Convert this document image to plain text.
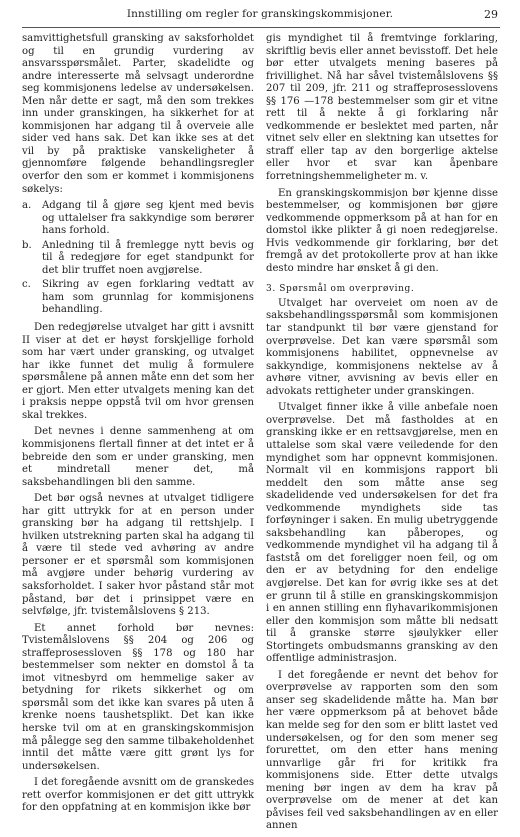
Innstilling om regler for granskingskommisjoner.	29

samvittighetsfull gransking av saksforholdet og til en grundig vurdering av ansvarsspørsmålet. Parter, skadelidte og andre interesserte må selvsagt underordne seg kommisjonens ledelse av undersøkelsen. Men når dette er sagt, må den som trekkes inn under granskingen, ha sikkerhet for at kommisjonen har adgang til å overveie alle sider ved hans sak. Det kan ikke ses at det vil by på praktiske vanskeligheter å gjennomføre følgende behandlingsregler overfor den som er kommet i kommisjonens søkelys:

a. Adgang til å gjøre seg kjent med bevis og uttalelser fra sakkyndige som berører hans forhold.
b. Anledning til å fremlegge nytt bevis og til å redegjøre for eget standpunkt for det blir truffet noen avgjørelse.
c. Sikring av egen forklaring vedtatt av ham som grunnlag for kommisjonens behandling.

Den redegjørelse utvalget har gitt i avsnitt II viser at det er høyst forskjellige forhold som har vært under gransking, og utvalget har ikke funnet det mulig å formulere spørsmålene på annen måte enn det som her er gjort. Men etter utvalgets mening kan det i praksis neppe oppstå tvil om hvor grensen skal trekkes.

Det nevnes i denne sammenheng at om kommisjonens flertall finner at det intet er å bebreide den som er under gransking, men et mindretall mener det, må saksbehandlingen bli den samme.

Det bør også nevnes at utvalget tidligere har gitt uttrykk for at en person under gransking bør ha adgang til rettshjelp. I hvilken utstrekning parten skal ha adgang til å være til stede ved avhøring av andre personer er et spørsmål som kommisjonen må avgjøre under behørig vurdering av saksforholdet. I saker hvor påstand står mot påstand, bør det i prinsippet være en selvfølge, jfr. tvistemålslovens § 213.

Et annet forhold bør nevnes: Tvistemålslovens §§ 204 og 206 og straffeprosessloven §§ 178 og 180 har bestemmelser som nekter en domstol å ta imot vitnesbyrd om hemmelige saker av betydning for rikets sikkerhet og om spørsmål som det ikke kan svares på uten å krenke noens taushetsplikt. Det kan ikke herske tvil om at en granskingskommisjon må pålegge seg den samme tilbakeholdenhet inntil det måtte være gitt grønt lys for undersøkelsen.

I det foregående avsnitt om de granskedes rett overfor kommisjonen er det gitt uttrykk for den oppfatning at en kommisjon ikke bør

gis myndighet til å fremtvinge forklaring, skriftlig bevis eller annet bevisstoff. Det hele bør etter utvalgets mening baseres på frivillighet. Nå har såvel tvistemålslovens §§ 207 til 209, jfr. 211 og straffeprosesslovens §§ 176 —178 bestemmelser som gir et vitne rett til å nekte å gi forklaring når vedkommende er beslektet med parten, når vitnet selv eller en slektning kan utsettes for straff eller tap av den borgerlige aktelse eller hvor et svar kan åpenbare forretningshemmeligheter m. v.

En granskingskommisjon bør kjenne disse bestemmelser, og kommisjonen bør gjøre vedkommende oppmerksom på at han for en domstol ikke plikter å gi noen redegjørelse. Hvis vedkommende gir forklaring, bør det fremgå av det protokollerte prov at han ikke desto mindre har ønsket å gi den.

3. Spørsmål om overprøving.

Utvalget har overveiet om noen av de saksbehandlingsspørsmål som kommisjonen tar standpunkt til bør være gjenstand for overprøvelse. Det kan være spørsmål som kommisjonens habilitet, oppnevnelse av sakkyndige, kommisjonens nektelse av å avhøre vitner, avvisning av bevis eller en advokats rettigheter under granskingen.

Utvalget finner ikke å ville anbefale noen overprøvelse. Det må fastholdes at en gransking ikke er en rettsavgjørelse, men en uttalelse som skal være veiledende for den myndighet som har oppnevnt kommisjonen. Normalt vil en kommisjons rapport bli meddelt den som måtte anse seg skadelidende ved undersøkelsen for det fra vedkommende myndighets side tas forføyninger i saken. En mulig ubetryggende saksbehandling kan påberopes, og vedkommende myndighet vil ha adgang til å faststå om det foreligger noen feil, og om den er av betydning for den endelige avgjørelse. Det kan for øvrig ikke ses at det er grunn til å stille en granskingskommisjon i en annen stilling enn flyhavarikommisjonen eller den kommisjon som måtte bli nedsatt til å granske større sjøulykker eller Stortingets ombudsmanns gransking av den offentlige administrasjon.

I det foregående er nevnt det behov for overprøvelse av rapporten som den som anser seg skadelidende måtte ha. Man bør her være oppmerksom på at behovet både kan melde seg for den som er blitt lastet ved undersøkelsen, og for den som mener seg forurettet, om den etter hans mening unnvarlige går fri for kritikk fra kommisjonens side. Etter dette utvalgs mening bør ingen av dem ha krav på overprøvelse om de mener at det kan påvises feil ved saksbehandlingen av en eller annen
